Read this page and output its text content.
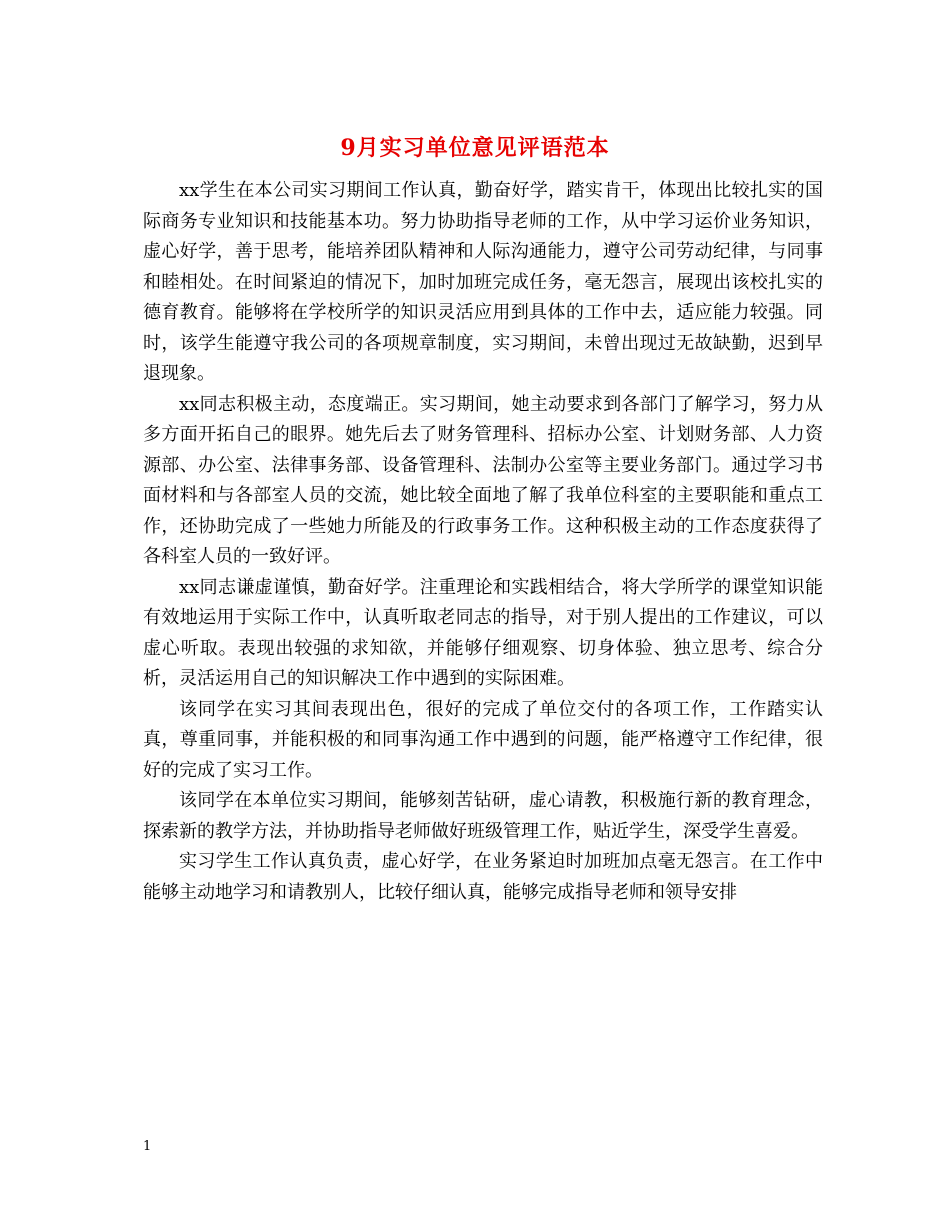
9月实习单位意见评语范本

xx学生在本公司实习期间工作认真，勤奋好学，踏实肯干，体现出比较扎实的国际商务专业知识和技能基本功。努力协助指导老师的工作，从中学习运价业务知识，虚心好学，善于思考，能培养团队精神和人际沟通能力，遵守公司劳动纪律，与同事和睦相处。在时间紧迫的情况下，加时加班完成任务，毫无怨言，展现出该校扎实的德育教育。能够将在学校所学的知识灵活应用到具体的工作中去，适应能力较强。同时，该学生能遵守我公司的各项规章制度，实习期间，未曾出现过无故缺勤，迟到早退现象。

xx同志积极主动，态度端正。实习期间，她主动要求到各部门了解学习，努力从多方面开拓自己的眼界。她先后去了财务管理科、招标办公室、计划财务部、人力资源部、办公室、法律事务部、设备管理科、法制办公室等主要业务部门。通过学习书面材料和与各部室人员的交流，她比较全面地了解了我单位科室的主要职能和重点工作，还协助完成了一些她力所能及的行政事务工作。这种积极主动的工作态度获得了各科室人员的一致好评。

xx同志谦虚谨慎，勤奋好学。注重理论和实践相结合，将大学所学的课堂知识能有效地运用于实际工作中，认真听取老同志的指导，对于别人提出的工作建议，可以虚心听取。表现出较强的求知欲，并能够仔细观察、切身体验、独立思考、综合分析，灵活运用自己的知识解决工作中遇到的实际困难。

该同学在实习其间表现出色，很好的完成了单位交付的各项工作，工作踏实认真，尊重同事，并能积极的和同事沟通工作中遇到的问题，能严格遵守工作纪律，很好的完成了实习工作。

该同学在本单位实习期间，能够刻苦钻研，虚心请教，积极施行新的教育理念，探索新的教学方法，并协助指导老师做好班级管理工作，贴近学生，深受学生喜爱。

实习学生工作认真负责，虚心好学，在业务紧迫时加班加点毫无怨言。在工作中能够主动地学习和请教别人，比较仔细认真，能够完成指导老师和领导安排

1
